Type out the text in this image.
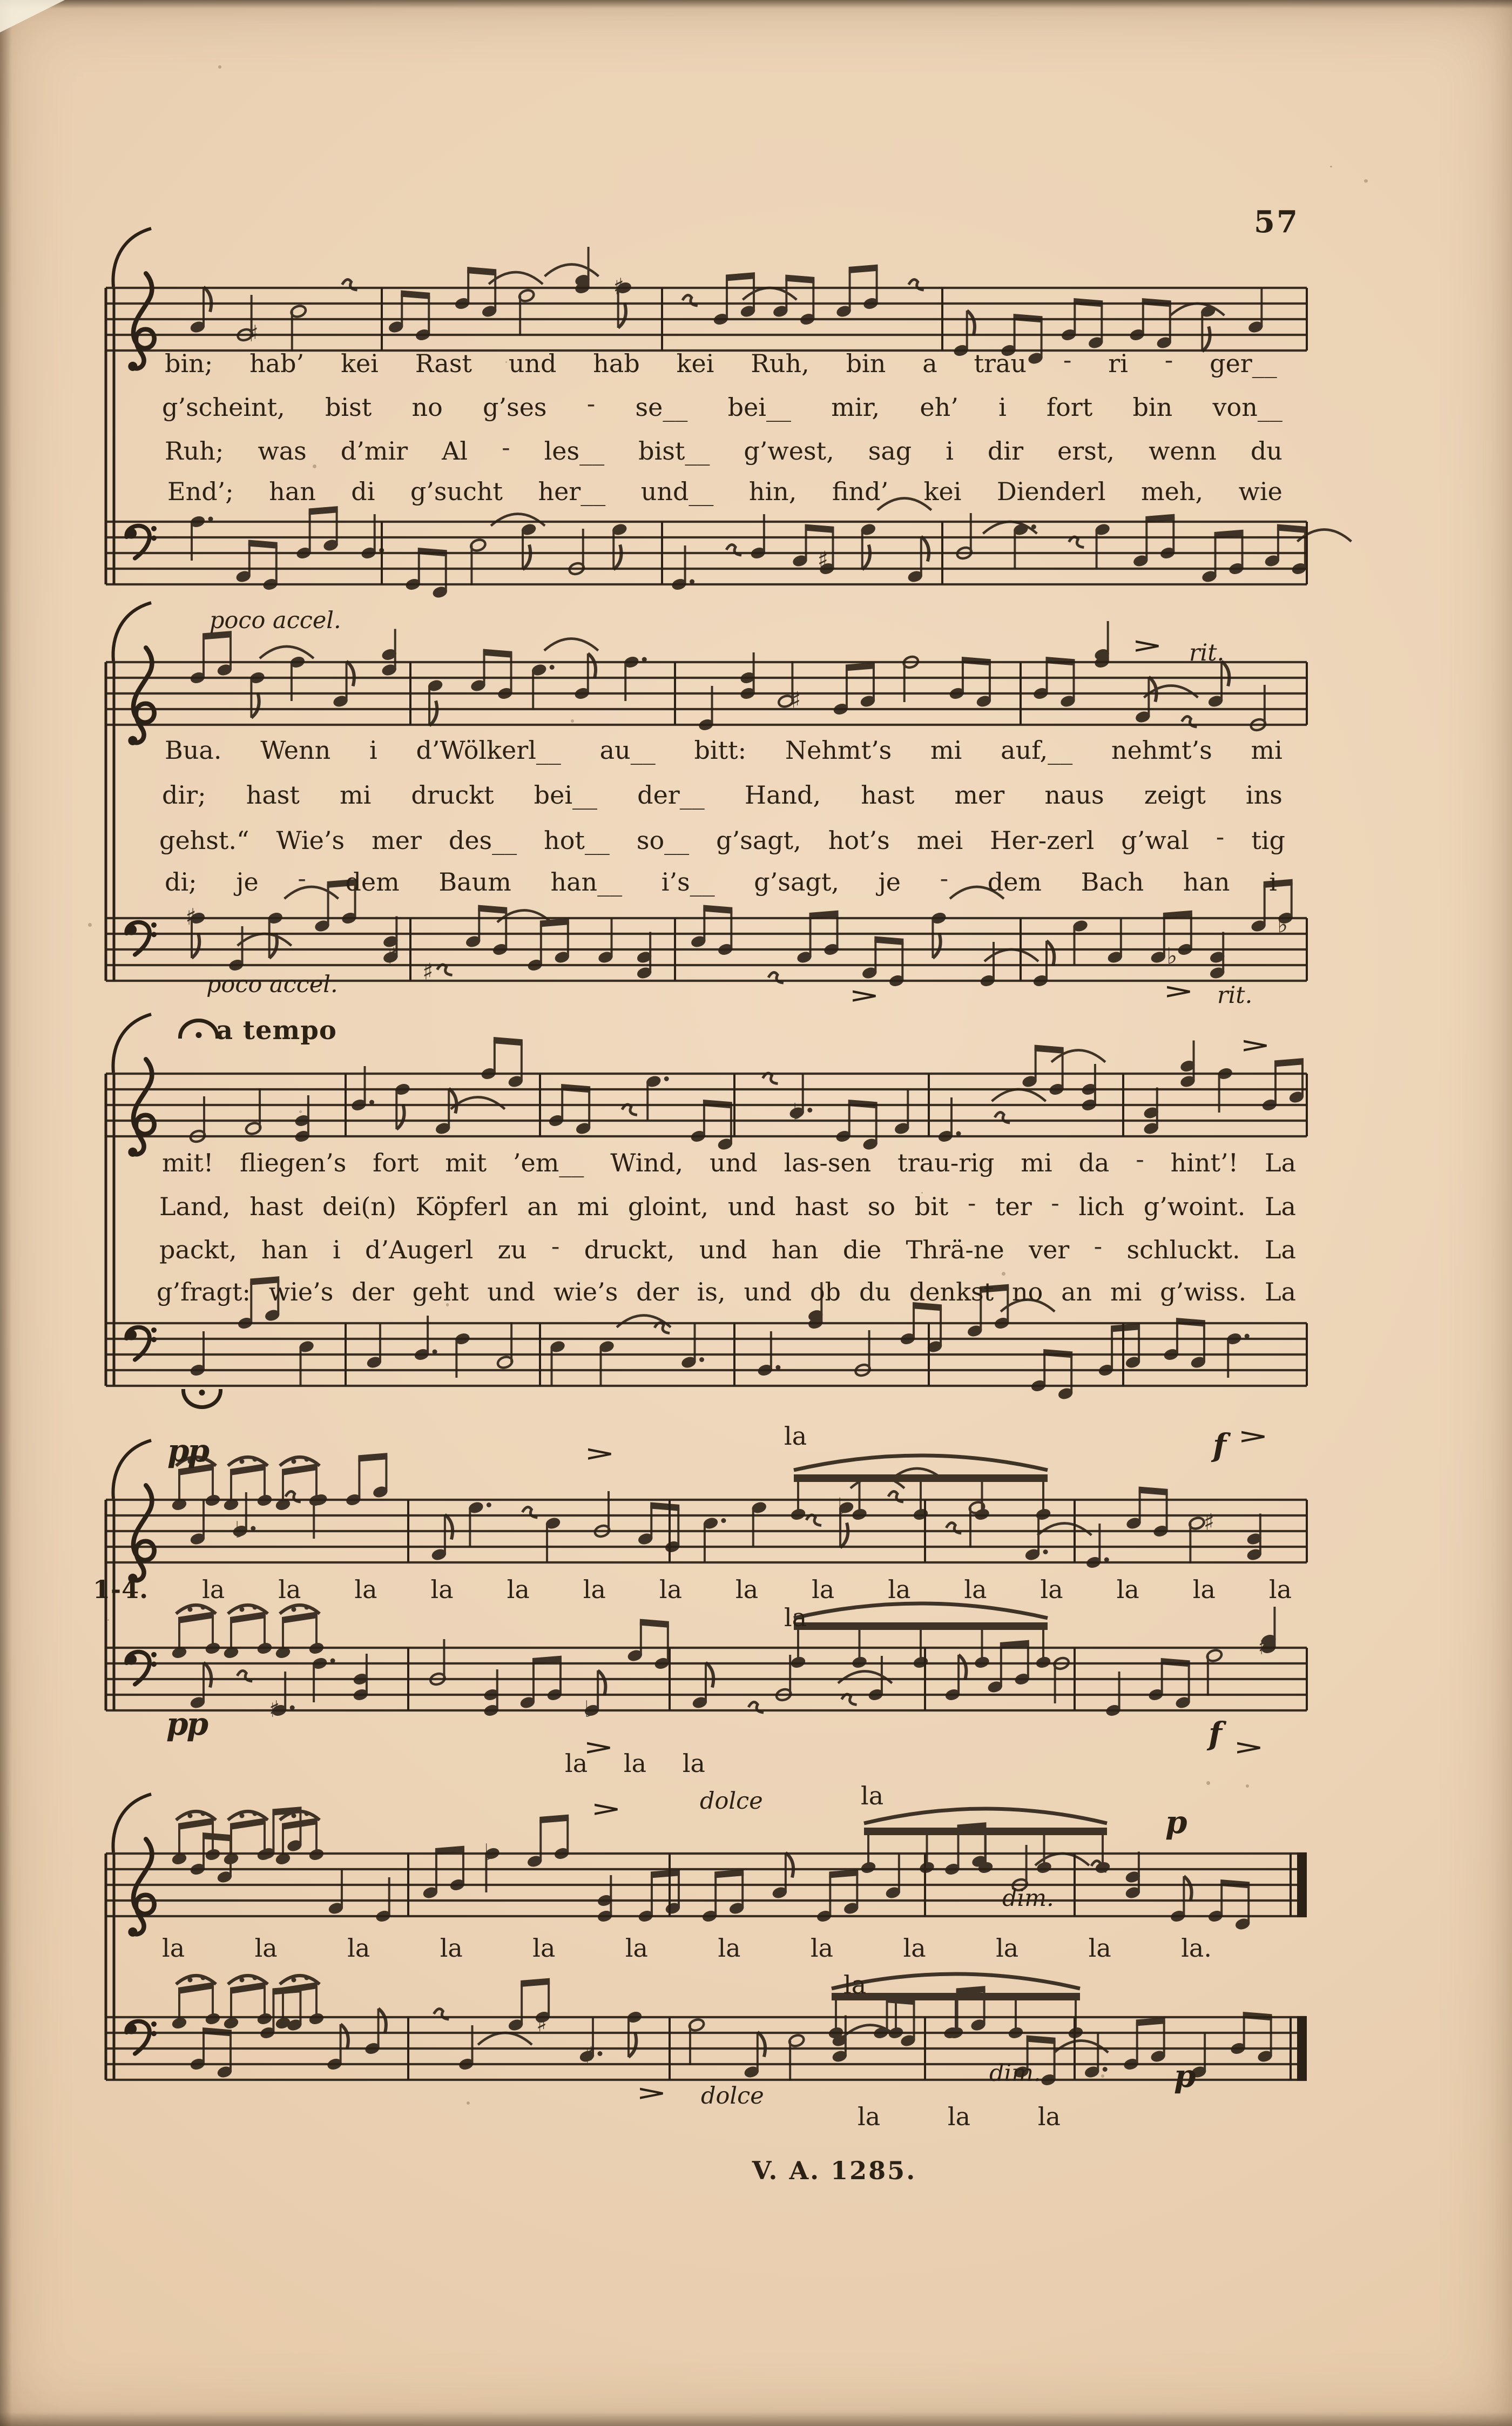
♯
♯
♯
♯
♯
♯
♯
♭
♭
♭
♭
♭
♯
♯	♭
♯
♭
♯
♯
57
bin; hab’ kei Rast und hab kei Ruh, bin a trau - ri - ger__
g’scheint, bist no g’ses - se__ bei__ mir, eh’ i fort bin von__
Ruh; was d’mir Al - les__ bist__ g’west, sag i dir erst, wenn du
End’; han di g’sucht her__ und__ hin, find’ kei Dienderl meh, wie
poco accel.
> rit.
Bua. Wenn i d’Wölkerl__ au__ bitt: Nehmt’s mi auf,__ nehmt’s mi
dir; hast mi druckt bei__ der__ Hand, hast mer naus zeigt ins
gehst.“ Wie’s mer des__ hot__ so__ g’sagt, hot’s mei Her-zerl g’wal - tig
di; je - dem Baum han__ i’s__ g’sagt, je - dem Bach han i
poco accel.	>	> rit.
a tempo	>
mit! fliegen’s fort mit ’em__ Wind, und las-sen trau-rig mi da - hint’! La
Land, hast dei(n) Köpferl an mi gloint, und hast so bit - ter - lich g’woint. La
packt, han i d’Augerl zu - druckt, und han die Thrä-ne ver - schluckt. La
g’fragt: wie’s der geht und wie’s der is, und ob du denkst no an mi g’wiss. La
pp	>
la	f >
1-4. la la la la la la la la la la la la la la la
la
pp
>
la la la
f >
>	dolce	la
p
dim.
la	la	la	la	la	la	la	la	la	la	la	la.
la
> dolce
la	la	la
dim.	p
V. A. 1285.
